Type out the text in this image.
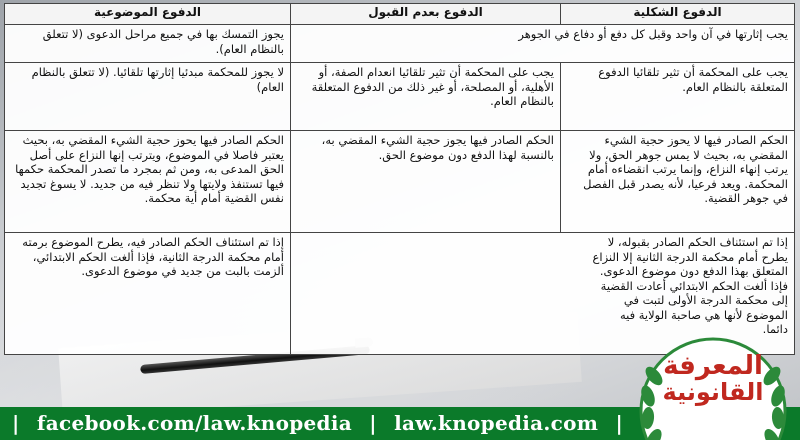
الدفوع الشكلية	الدفوع بعدم القبول	الدفوع الموضوعية
يجب إثارتها في آن واحد وقبل كل دفع أو دفاع في الجوهر		يجوز التمسك بها في جميع مراحل الدعوى (لا تتعلق بالنظام العام).
يجب على المحكمة أن تثير تلقائيا الدفوع المتعلقة بالنظام العام.	يجب على المحكمة أن تثير تلقائيا انعدام الصفة، أو الأهلية، أو المصلحة، أو غير ذلك من الدفوع المتعلقة بالنظام العام.	لا يجوز للمحكمة مبدئيا إثارتها تلقائيا. (لا تتعلق بالنظام العام)
الحكم الصادر فيها لا يحوز حجية الشيء المقضي به، بحيث لا يمس جوهر الحق، ولا يرتب إنهاء النزاع، وإنما يرتب انقضاءه أمام المحكمة. ويعد فرعيا، لأنه يصدر قبل الفصل في جوهر القضية.	الحكم الصادر فيها يجوز حجية الشيء المقضي به، بالنسبة لهذا الدفع دون موضوع الحق.	الحكم الصادر فيها يحوز حجية الشيء المقضي به، بحيث يعتبر فاصلا في الموضوع، ويترتب إنها النزاع على أصل الحق المدعى به، ومن ثم بمجرد ما تصدر المحكمة حكمها فيها تستنفذ ولايتها ولا تنظر فيه من جديد. لا يسوغ تجديد نفس القضية أمام أية محكمة.
إذا تم استئناف الحكم الصادر بقبوله، لا يطرح أمام محكمة الدرجة الثانية إلا النزاع المتعلق بهذا الدفع دون موضوع الدعوى. فإذا ألغت الحكم الابتدائي أعادت القضية إلى محكمة الدرجة الأولى لتبت في الموضوع لأنها هي صاحبة الولاية فيه دائما.		إذا تم استئناف الحكم الصادر فيه، يطرح الموضوع برمته أمام محكمة الدرجة الثانية، فإذا ألغت الحكم الابتدائي، ألزمت بالبت من جديد في موضوع الدعوى.
| facebook.com/law.knopedia | law.knopedia.com |
المعرفة
القانونية
